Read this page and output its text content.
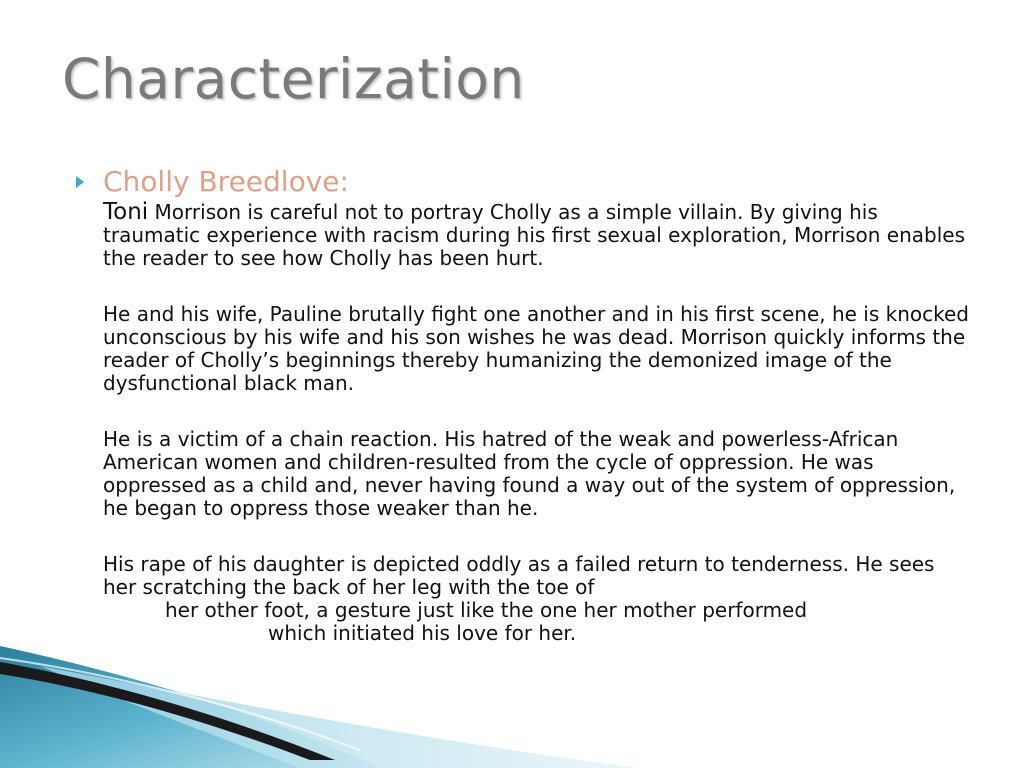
Characterization
Cholly Breedlove:

Toni Morrison is careful not to portray Cholly as a simple villain. By giving his traumatic experience with racism during his first sexual exploration, Morrison enables the reader to see how Cholly has been hurt.

He and his wife, Pauline brutally fight one another and in his first scene, he is knocked unconscious by his wife and his son wishes he was dead. Morrison quickly informs the reader of Cholly’s beginnings thereby humanizing the demonized image of the dysfunctional black man.

He is a victim of a chain reaction. His hatred of the weak and powerless-African American women and children-resulted from the cycle of oppression. He was oppressed as a child and, never having found a way out of the system of oppression, he began to oppress those weaker than he.

His rape of his daughter is depicted oddly as a failed return to tenderness. He sees her scratching the back of her leg with the toe of
her other foot, a gesture just like the one her mother performed
which initiated his love for her.
